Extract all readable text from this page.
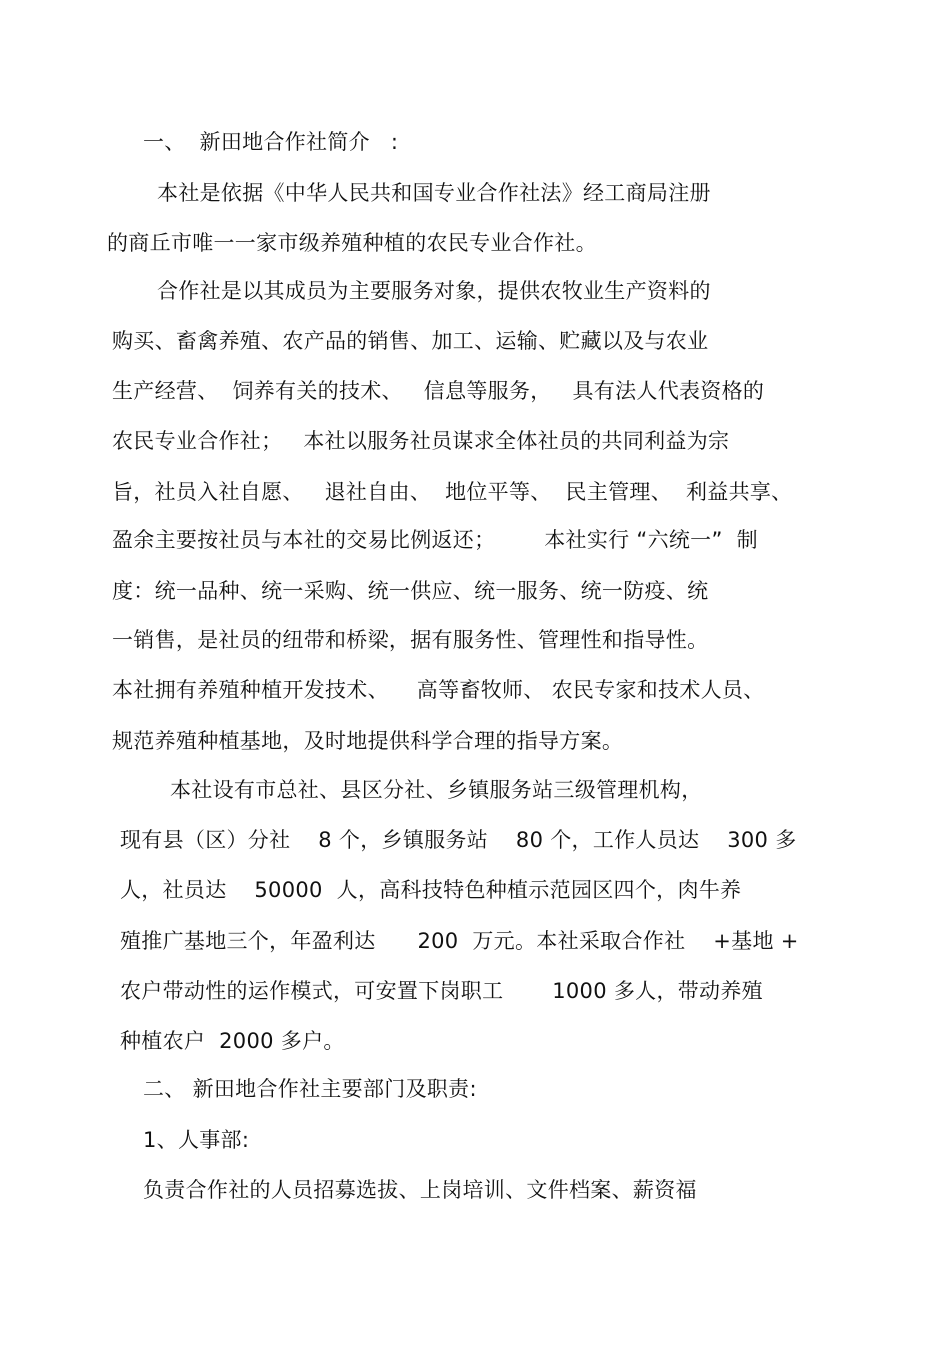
一、  新田地合作社简介   :
本社是依据《中华人民共和国专业合作社法》经工商局注册
的商丘市唯一一家市级养殖种植的农民专业合作社。
合作社是以其成员为主要服务对象，提供农牧业生产资料的
购买、畜禽养殖、农产品的销售、加工、运输、贮藏以及与农业
生产经营、  饲养有关的技术、   信息等服务，   具有法人代表资格的
农民专业合作社；   本社以服务社员谋求全体社员的共同利益为宗
旨，社员入社自愿、   退社自由、  地位平等、  民主管理、  利益共享、
盈余主要按社员与本社的交易比例返还；       本社实行 “六统一”  制
度：统一品种、统一采购、统一供应、统一服务、统一防疫、统
一销售，是社员的纽带和桥梁，据有服务性、管理性和指导性。
本社拥有养殖种植开发技术、    高等畜牧师、 农民专家和技术人员、
规范养殖种植基地，及时地提供科学合理的指导方案。
本社设有市总社、县区分社、乡镇服务站三级管理机构，
现有县（区）分社    8 个，乡镇服务站    80 个，工作人员达    300 多
人，社员达    50000  人，高科技特色种植示范园区四个，肉牛养
殖推广基地三个，年盈利达      200  万元。本社采取合作社    +基地 +
农户带动性的运作模式，可安置下岗职工       1000 多人，带动养殖
种植农户  2000 多户。
二、 新田地合作社主要部门及职责:
1、人事部:
负责合作社的人员招募选拔、上岗培训、文件档案、薪资福
